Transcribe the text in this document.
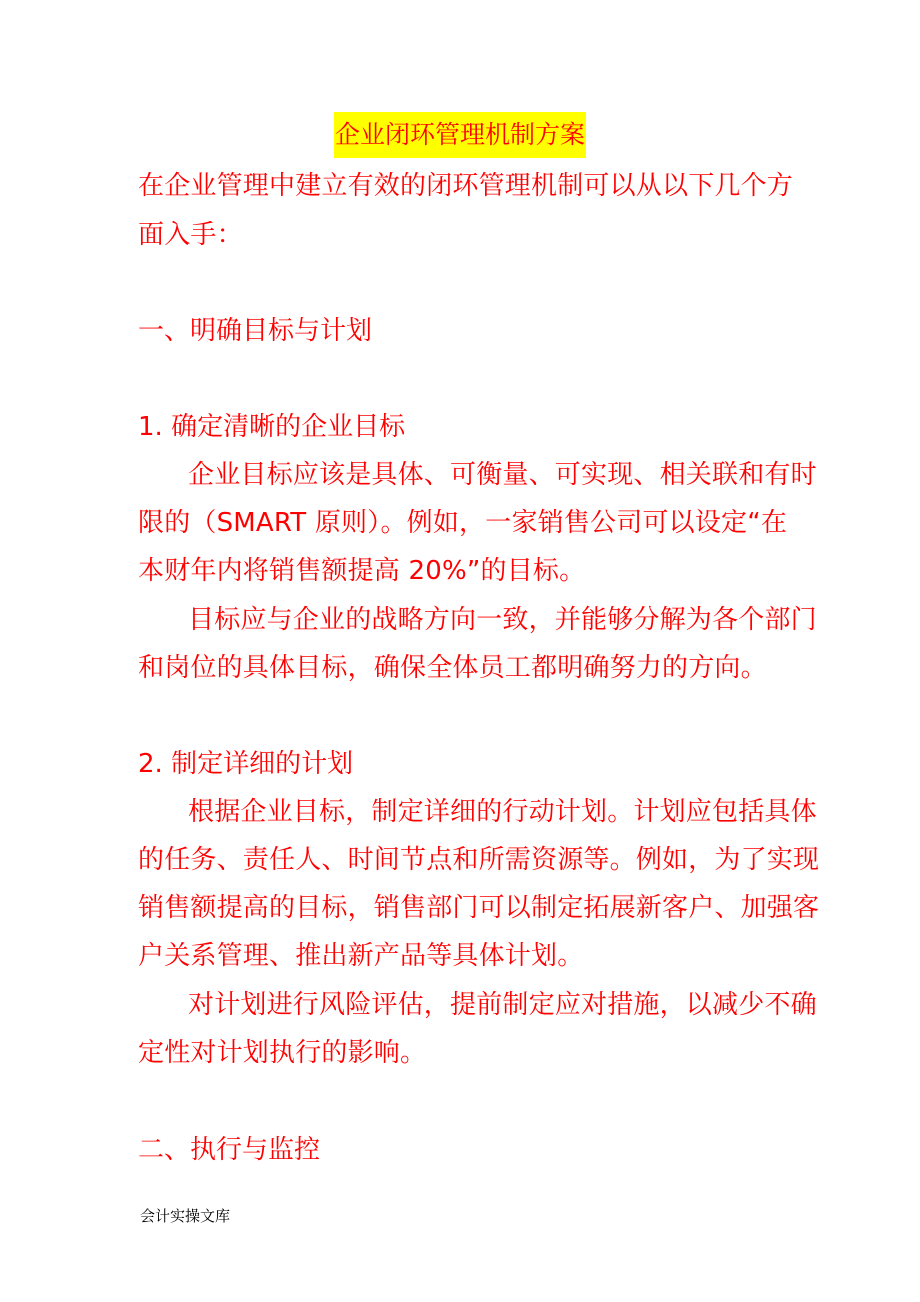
企业闭环管理机制方案
在企业管理中建立有效的闭环管理机制可以从以下几个方
面入手：
一、明确目标与计划
1. 确定清晰的企业目标
企业目标应该是具体、可衡量、可实现、相关联和有时
限的（SMART 原则）。例如，一家销售公司可以设定“在
本财年内将销售额提高 20%”的目标。
目标应与企业的战略方向一致，并能够分解为各个部门
和岗位的具体目标，确保全体员工都明确努力的方向。
2. 制定详细的计划
根据企业目标，制定详细的行动计划。计划应包括具体
的任务、责任人、时间节点和所需资源等。例如，为了实现
销售额提高的目标，销售部门可以制定拓展新客户、加强客
户关系管理、推出新产品等具体计划。
对计划进行风险评估，提前制定应对措施，以减少不确
定性对计划执行的影响。
二、执行与监控
会计实操文库
